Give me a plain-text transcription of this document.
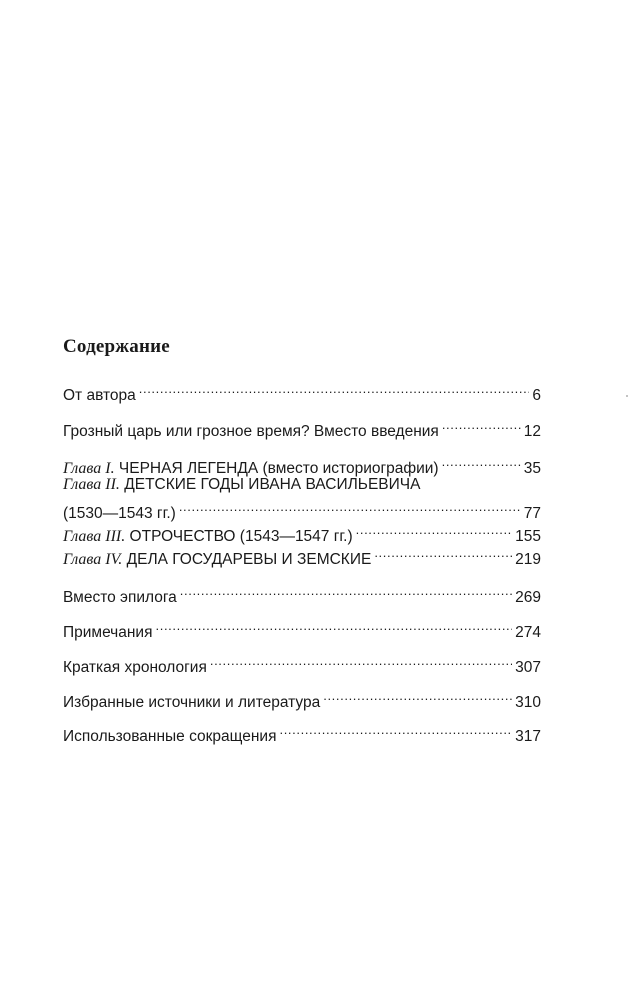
Содержание
От автора . . .	6
Грозный царь или грозное время? Вместо введения . . .	12
Глава I. ЧЕРНАЯ ЛЕГЕНДА (вместо историографии) . . .	35
Глава II. ДЕТСКИЕ ГОДЫ ИВАНА ВАСИЛЬЕВИЧА
(1530—1543 гг.) . . .	77
Глава III. ОТРОЧЕСТВО (1543—1547 гг.) . . .	155
Глава IV. ДЕЛА ГОСУДАРЕВЫ И ЗЕМСКИЕ . . .	219
Вместо эпилога . . .	269
Примечания . . .	274
Краткая хронология . . .	307
Избранные источники и литература . . .	310
Использованные сокращения . . .	317
